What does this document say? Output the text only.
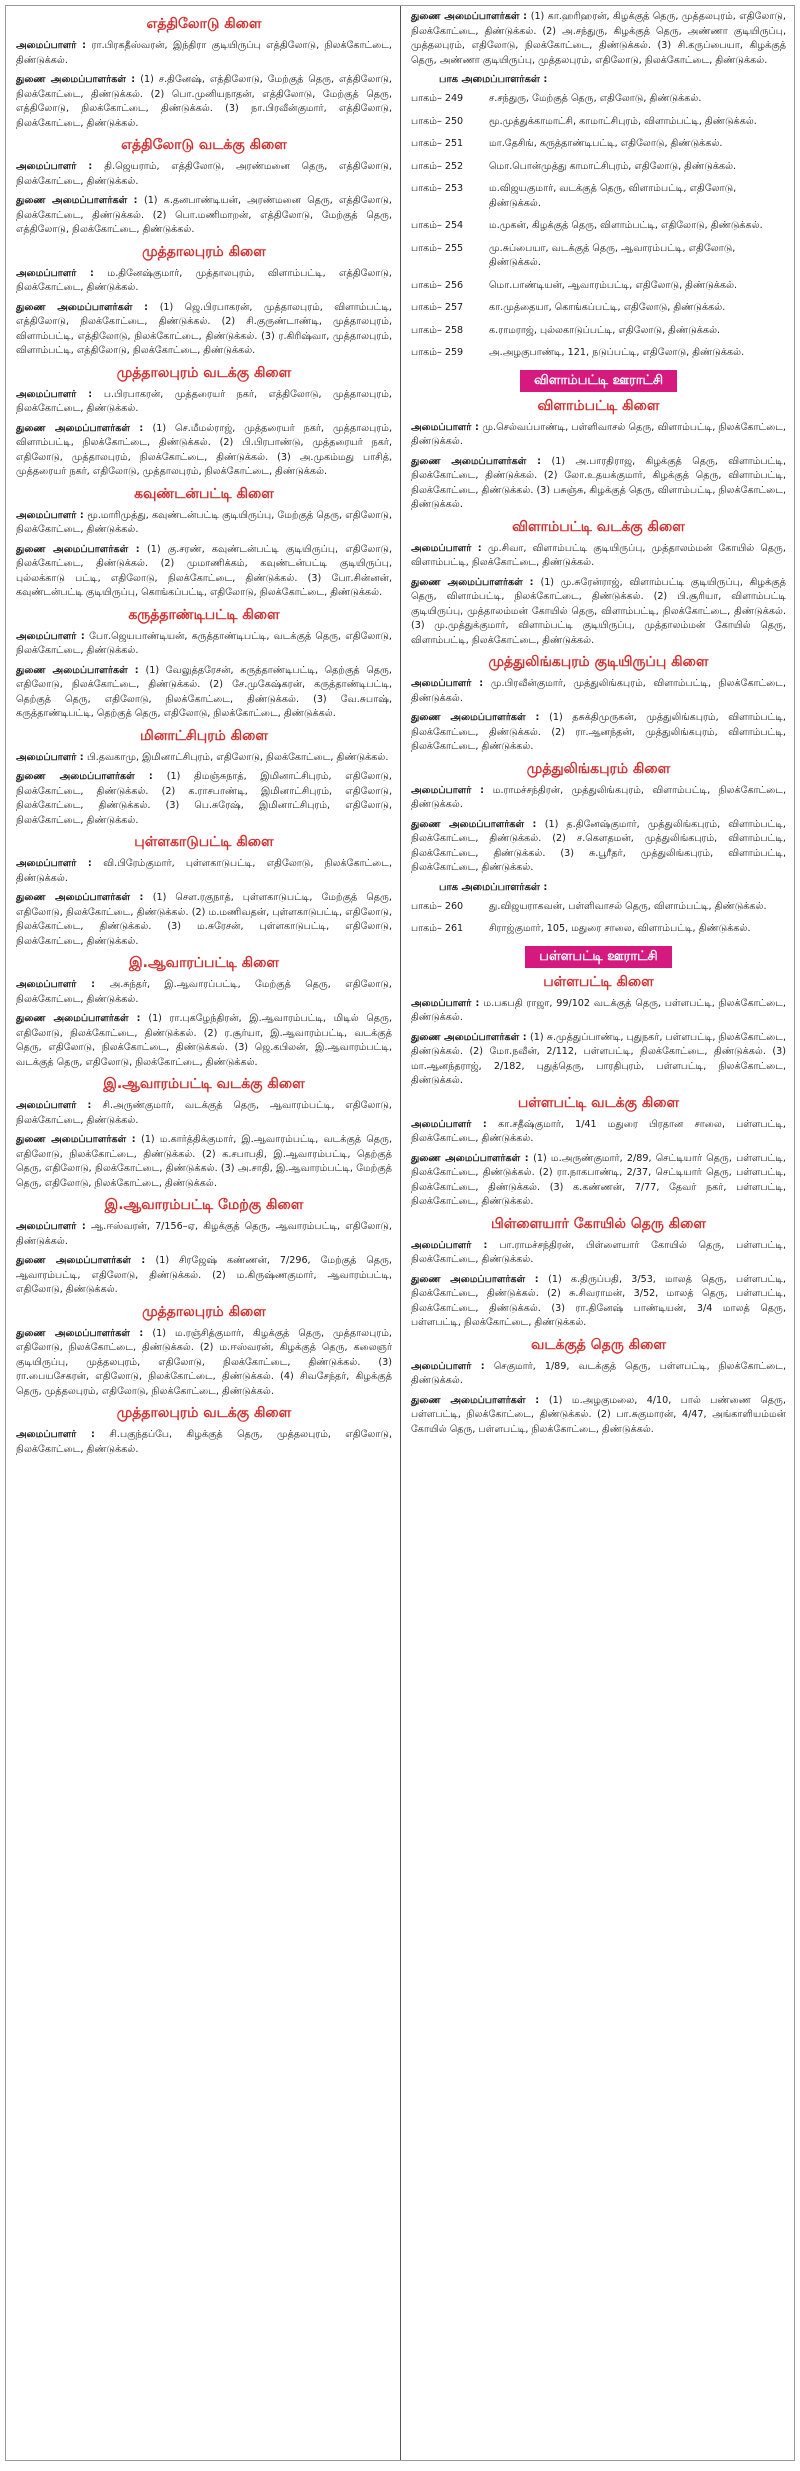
எத்திலோடு கிளை
அமைப்பாளர் : ரா.பிரகதீஸ்வரன், இந்திரா குடியிருப்பு எத்திலோடு, நிலக்கோட்டை, திண்டுக்கல்.
துணை அமைப்பாளர்கள் : (1) ச.தினேஷ், எத்திலோடு, மேற்குத் தெரு, எத்திலோடு, நிலக்கோட்டை, திண்டுக்கல். (2) பொ.முனியநாதன், எத்திலோடு, மேற்குத் தெரு, எத்திலோடு, நிலக்கோட்டை, திண்டுக்கல். (3) நா.பிரவீன்குமார், எத்திலோடு, நிலக்கோட்டை, திண்டுக்கல்.
எத்திலோடு வடக்கு கிளை
அமைப்பாளர் : தி.ஜெயராம், எத்திலோடு, அரண்மனை தெரு, எத்திலோடு, நிலக்கோட்டை, திண்டுக்கல்.
துணை அமைப்பாளர்கள் : (1) க.தனபாண்டியன், அரண்மனை தெரு, எத்திலோடு, நிலக்கோட்டை, திண்டுக்கல். (2) பொ.மணிமாறன், எத்திலோடு, மேற்குத் தெரு, எத்திலோடு, நிலக்கோட்டை, திண்டுக்கல்.
முத்தாலபுரம் கிளை
அமைப்பாளர் : ம.தினேஷ்குமார், முத்தாலபுரம், விளாம்பட்டி, எத்திலோடு, நிலக்கோட்டை, திண்டுக்கல்.
துணை அமைப்பாளர்கள் : (1) ஜெ.பிரபாகரன், முத்தாலபுரம், விளாம்பட்டி, எத்திலோடு, நிலக்கோட்டை, திண்டுக்கல். (2) சி.குருண்டாண்டி, முத்தாலபுரம், விளாம்பட்டி, எத்திலோடு, நிலக்கோட்டை, திண்டுக்கல். (3) ர.கிரிஷ்வா, முத்தாலபுரம், விளாம்பட்டி, எத்திலோடு, நிலக்கோட்டை, திண்டுக்கல்.
முத்தாலபுரம் வடக்கு கிளை
அமைப்பாளர் : ப.பிரபாகரன், முத்தரையர் நகர், எத்திலோடு, முத்தாலபுரம், நிலக்கோட்டை, திண்டுக்கல்.
துணை அமைப்பாளர்கள் : (1) செ.மீமல்ராஜ், முத்தரையர் நகர், முத்தாலபுரம், விளாம்பட்டி, நிலக்கோட்டை, திண்டுக்கல். (2) பி.பிரபாண்டு, முத்தரையர் நகர், எதிலோடு, முத்தாலபுரம், நிலக்கோட்டை, திண்டுக்கல். (3) அ.முகம்மது பாசித், முத்தரையர் நகர், எதிலோடு, முத்தாலபுரம், நிலக்கோட்டை, திண்டுக்கல்.
கவுண்டன்பட்டி கிளை
அமைப்பாளர் : மூ.மாரிமுத்து, கவுண்டன்பட்டி குடியிருப்பு, மேற்குத் தெரு, எதிலோடு, நிலக்கோட்டை, திண்டுக்கல்.
துணை அமைப்பாளர்கள் : (1) கு.சரண், கவுண்டன்பட்டி குடியிருப்பு, எதிலோடு, நிலக்கோட்டை, திண்டுக்கல். (2) முமாணிக்கம், கவுண்டன்பட்டி குடியிருப்பு, புல்லக்காடு பட்டி, எதிலோடு, நிலக்கோட்டை, திண்டுக்கல். (3) போ.சின்னன், கவுண்டன்பட்டி குடியிருப்பு, கொங்கப்பட்டி, எதிலோடு, நிலக்கோட்டை, திண்டுக்கல்.
கருத்தாண்டிபட்டி கிளை
அமைப்பாளர் : போ.ஜெயபாண்டியன், கருத்தாண்டிபட்டி, வடக்குத் தெரு, எதிலோடு, நிலக்கோட்டை, திண்டுக்கல்.
துணை அமைப்பாளர்கள் : (1) வேலுத்தரேசன், கருத்தாண்டிபட்டி, தெற்குத் தெரு, எதிலோடு, நிலக்கோட்டை, திண்டுக்கல். (2) சே.முகேஷ்கரன், கருத்தாண்டிபட்டி, தெற்குத் தெரு, எதிலோடு, நிலக்கோட்டை, திண்டுக்கல். (3) வே.சுபாஷ், கருத்தாண்டிபட்டி, தெற்குத் தெரு, எதிலோடு, நிலக்கோட்டை, திண்டுக்கல்.
மினாட்சிபுரம் கிளை
அமைப்பாளர் : பி.தவகாமு, இமினாட்சிபுரம், எதிலோடு, நிலக்கோட்டை, திண்டுக்கல்.
துணை அமைப்பாளர்கள் : (1) திமஞ்சுநாத், இமினாட்சிபுரம், எதிலோடு, நிலக்கோட்டை, திண்டுக்கல். (2) க.ராசபாண்டி, இமினாட்சிபுரம், எதிலோடு, நிலக்கோட்டை, திண்டுக்கல். (3) பெ.சுரேஷ், இமினாட்சிபுரம், எதிலோடு, நிலக்கோட்டை, திண்டுக்கல்.
புள்ளகாடுபட்டி கிளை
அமைப்பாளர் : வி.பிரேம்குமார், புள்ளகாடுபட்டி, எதிலோடு, நிலக்கோட்டை, திண்டுக்கல்.
துணை அமைப்பாளர்கள் : (1) சௌ.ரகுநாத், புள்ளகாடுபட்டி, மேற்குத் தெரு, எதிலோடு, நிலக்கோட்டை, திண்டுக்கல். (2) ம.மணிவதன், புள்ளகாடுபட்டி, எதிலோடு, நிலக்கோட்டை, திண்டுக்கல். (3) ம.சுரேசன், புள்ளகாடுபட்டி, எதிலோடு, நிலக்கோட்டை, திண்டுக்கல்.
இ.ஆவாரப்பட்டி கிளை
அமைப்பாளர் : அ.சுந்தர், இ.ஆவாரப்பட்டி, மேற்குத் தெரு, எதிலோடு, நிலக்கோட்டை, திண்டுக்கல்.
துணை அமைப்பாளர்கள் : (1) ரா.புகழேந்திரன், இ.ஆவாரம்பட்டி, மிடில் தெரு, எதிலோடு, நிலக்கோட்டை, திண்டுக்கல். (2) ர.சூர்யா, இ.ஆவாரம்பட்டி, வடக்குத் தெரு, எதிலோடு, நிலக்கோட்டை, திண்டுக்கல். (3) ஜெ.கபிலன், இ.ஆவாரம்பட்டி, வடக்குத் தெரு, எதிலோடு, நிலக்கோட்டை, திண்டுக்கல்.
இ.ஆவாரம்பட்டி வடக்கு கிளை
அமைப்பாளர் : சி.அருண்குமார், வடக்குத் தெரு, ஆவாரம்பட்டி, எதிலோடு, நிலக்கோட்டை, திண்டுக்கல்.
துணை அமைப்பாளர்கள் : (1) ம.கார்த்திக்குமார், இ.ஆவாரம்பட்டி, வடக்குத் தெரு, எதிலோடு, நிலக்கோட்டை, திண்டுக்கல். (2) க.சபாபதி, இ.ஆவாரம்பட்டி, தெற்குத் தெரு, எதிலோடு, நிலக்கோட்டை, திண்டுக்கல். (3) அ.சாதி, இ.ஆவாரம்பட்டி, மேற்குத் தெரு, எதிலோடு, நிலக்கோட்டை, திண்டுக்கல்.
இ.ஆவாரம்பட்டி மேற்கு கிளை
அமைப்பாளர் : ஆ.ஈஸ்வரன், 7/156–ஏ, கிழக்குத் தெரு, ஆவாரம்பட்டி, எதிலோடு, திண்டுக்கல்.
துணை அமைப்பாளர்கள் : (1) சிரஜேஷ் கண்ணன், 7/296, மேற்குத் தெரு, ஆவாரம்பட்டி, எதிலோடு, திண்டுக்கல். (2) ம.கிருஷ்ணகுமார், ஆவாரம்பட்டி, எதிலோடு, திண்டுக்கல்.
முத்தாலபுரம் கிளை
துணை அமைப்பாளர்கள் : (1) ம.ரஞ்சித்குமார், கிழக்குத் தெரு, முத்தாலபுரம், எதிலோடு, நிலக்கோட்டை, திண்டுக்கல். (2) ம.ஈஸ்வரன், கிழக்குத் தெரு, கலைஞர் குடியிருப்பு, முத்தலபுரம், எதிலோடு, நிலக்கோட்டை, திண்டுக்கல். (3) ரா.பையசேகரன், எதிலோடு, நிலக்கோட்டை, திண்டுக்கல். (4) சிவசேந்தர், கிழக்குத் தெரு, முத்தலபுரம், எதிலோடு, நிலக்கோட்டை, திண்டுக்கல்.
முத்தாலபுரம் வடக்கு கிளை
அமைப்பாளர் : சி.பகுந்தப்பே, கிழக்குத் தெரு, முத்தலபுரம், எதிலோடு, நிலக்கோட்டை, திண்டுக்கல்.
துணை அமைப்பாளர்கள் : (1) கா.ஹரிஹரன், கிழக்குத் தெரு, முத்தலபுரம், எதிலோடு, நிலக்கோட்டை, திண்டுக்கல். (2) அ.சந்துரு, கிழக்குத் தெரு, அண்ணா குடியிருப்பு, முத்தலபுரம், எதிலோடு, நிலக்கோட்டை, திண்டுக்கல். (3) சி.கருப்பையா, கிழக்குத் தெரு, அண்ணா குடியிருப்பு, முத்தலபுரம், எதிலோடு, நிலக்கோட்டை, திண்டுக்கல்.
பாக அமைப்பாளர்கள் :
பாகம்– 249	ச.சந்துரு, மேற்குத் தெரு, எதிலோடு, திண்டுக்கல்.
பாகம்– 250	மூ.முத்துக்காமாட்சி, காமாட்சிபுரம், விளாம்பட்டி, திண்டுக்கல்.
பாகம்– 251	மா.தேசிங், கருத்தாண்டிபட்டி, எதிலோடு, திண்டுக்கல்.
பாகம்– 252	மொ.பொன்முத்து காமாட்சிபுரம், எதிலோடு, திண்டுக்கல்.
பாகம்– 253	ம.விஜயகுமார், வடக்குத் தெரு, விளாம்பட்டி, எதிலோடு, திண்டுக்கல்.
பாகம்– 254	ம.முகன், கிழக்குத் தெரு, விளாம்பட்டி, எதிலோடு, திண்டுக்கல்.
பாகம்– 255	மு.சுப்பையா, வடக்குத் தெரு, ஆவாரம்பட்டி, எதிலோடு, திண்டுக்கல்.
பாகம்– 256	மொ.பாண்டியன், ஆவாரம்பட்டி, எதிலோடு, திண்டுக்கல்.
பாகம்– 257	கா.முத்தையா, கொங்கப்பட்டி, எதிலோடு, திண்டுக்கல்.
பாகம்– 258	க.ராமராஜ், புல்லகாடுப்பட்டி, எதிலோடு, திண்டுக்கல்.
பாகம்– 259	அ.அழகுபாண்டி, 121, நடுப்பட்டி, எதிலோடு, திண்டுக்கல்.
விளாம்பட்டி ஊராட்சி
விளாம்பட்டி கிளை
அமைப்பாளர் : மு.செல்வப்பாண்டி, பள்ளிவாசல் தெரு, விளாம்பட்டி, நிலக்கோட்டை, திண்டுக்கல்.
துணை அமைப்பாளர்கள் : (1) அ.பாரதிராஜ, கிழக்குத் தெரு, விளாம்பட்டி, நிலக்கோட்டை, திண்டுக்கல். (2) லோ.உதயக்குமார், கிழக்குத் தெரு, விளாம்பட்டி, நிலக்கோட்டை, திண்டுக்கல். (3) பசுஞ்சு, கிழக்குத் தெரு, விளாம்பட்டி, நிலக்கோட்டை, திண்டுக்கல்.
விளாம்பட்டி வடக்கு கிளை
அமைப்பாளர் : மு.சிவா, விளாம்பட்டி குடியிருப்பு, முத்தாலம்மன் கோயில் தெரு, விளாம்பட்டி, நிலக்கோட்டை, திண்டுக்கல்.
துணை அமைப்பாளர்கள் : (1) மு.சுரேன்ராஜ், விளாம்பட்டி குடியிருப்பு, கிழக்குத் தெரு, விளாம்பட்டி, நிலக்கோட்டை, திண்டுக்கல். (2) பி.சூரியா, விளாம்பட்டி குடியிருப்பு, முத்தாலம்மன் கோயில் தெரு, விளாம்பட்டி, நிலக்கோட்டை, திண்டுக்கல். (3) மு.முத்துக்குமார், விளாம்பட்டி குடியிருப்பு, முத்தாலம்மன் கோயில் தெரு, விளாம்பட்டி, நிலக்கோட்டை, திண்டுக்கல்.
முத்துலிங்கபுரம் குடியிருப்பு கிளை
அமைப்பாளர் : மு.பிரவீன்குமார், முத்துலிங்கபுரம், விளாம்பட்டி, நிலக்கோட்டை, திண்டுக்கல்.
துணை அமைப்பாளர்கள் : (1) தசுக்திமுருகன், முத்துலிங்கபுரம், விளாம்பட்டி, நிலக்கோட்டை, திண்டுக்கல். (2) ரா.ஆனந்தன், முத்துலிங்கபுரம், விளாம்பட்டி, நிலக்கோட்டை, திண்டுக்கல்.
முத்துலிங்கபுரம் கிளை
அமைப்பாளர் : ம.ராமச்சந்திரன், முத்துலிங்கபுரம், விளாம்பட்டி, நிலக்கோட்டை, திண்டுக்கல்.
துணை அமைப்பாளர்கள் : (1) த.தினேஷ்குமார், முத்துலிங்கபுரம், விளாம்பட்டி, நிலக்கோட்டை, திண்டுக்கல். (2) ச.கௌதமன், முத்துலிங்கபுரம், விளாம்பட்டி, நிலக்கோட்டை, திண்டுக்கல். (3) சு.பூரீதர், முத்துலிங்கபுரம், விளாம்பட்டி, நிலக்கோட்டை, திண்டுக்கல்.
பாக அமைப்பாளர்கள் :
பாகம்– 260	து.விஜயராகவன், பள்ளிவாசல் தெரு, விளாம்பட்டி, திண்டுக்கல்.
பாகம்– 261	சிராஜ்குமார், 105, மதுரை சாலை, விளாம்பட்டி, திண்டுக்கல்.
பள்ளபட்டி ஊராட்சி
பள்ளபட்டி கிளை
அமைப்பாளர் : ம.பகபதி ராஜா, 99/102 வடக்குத் தெரு, பள்ளபட்டி, நிலக்கோட்டை, திண்டுக்கல்.
துணை அமைப்பாளர்கள் : (1) சு.முத்துப்பாண்டி, புதுநகர், பள்ளபட்டி, நிலக்கோட்டை, திண்டுக்கல். (2) மோ.நவீன், 2/112, பள்ளபட்டி, நிலக்கோட்டை, திண்டுக்கல். (3) மா.ஆனந்தராஜ், 2/182, புதுத்தெரு, பாரதிபுரம், பள்ளபட்டி, நிலக்கோட்டை, திண்டுக்கல்.
பள்ளபட்டி வடக்கு கிளை
அமைப்பாளர் : கா.சதீஷ்குமார், 1/41 மதுரை பிரதான சாலை, பள்ளபட்டி, நிலக்கோட்டை, திண்டுக்கல்.
துணை அமைப்பாளர்கள் : (1) ம.அருண்குமார், 2/89, செட்டியார் தெரு, பள்ளபட்டி, நிலக்கோட்டை, திண்டுக்கல். (2) ரா.நாகபாண்டி, 2/37, செட்டியார் தெரு, பள்ளபட்டி, நிலக்கோட்டை, திண்டுக்கல். (3) க.கண்ணன், 7/77, தேவர் நகர், பள்ளபட்டி, நிலக்கோட்டை, திண்டுக்கல்.
பிள்ளையார் கோயில் தெரு கிளை
அமைப்பாளர் : பா.ராமச்சந்திரன், பிள்ளையார் கோயில் தெரு, பள்ளபட்டி, நிலக்கோட்டை, திண்டுக்கல்.
துணை அமைப்பாளர்கள் : (1) க.திருப்பதி, 3/53, மாலத் தெரு, பள்ளபட்டி, நிலக்கோட்டை, திண்டுக்கல். (2) சு.சிவராமன், 3/52, மாலத் தெரு, பள்ளபட்டி, நிலக்கோட்டை, திண்டுக்கல். (3) ரா.தினேஷ் பாண்டியன், 3/4 மாலத் தெரு, பள்ளபட்டி, நிலக்கோட்டை, திண்டுக்கல்.
வடக்குத் தெரு கிளை
அமைப்பாளர் : செகுமார், 1/89, வடக்குத் தெரு, பள்ளபட்டி, நிலக்கோட்டை, திண்டுக்கல்.
துணை அமைப்பாளர்கள் : (1) ம.அழகுமலை, 4/10, பால் பண்ணை தெரு, பள்ளபட்டி, நிலக்கோட்டை, திண்டுக்கல். (2) பா.சுகுமாரன், 4/47, அங்காளியம்மன் கோயில் தெரு, பள்ளபட்டி, நிலக்கோட்டை, திண்டுக்கல்.
